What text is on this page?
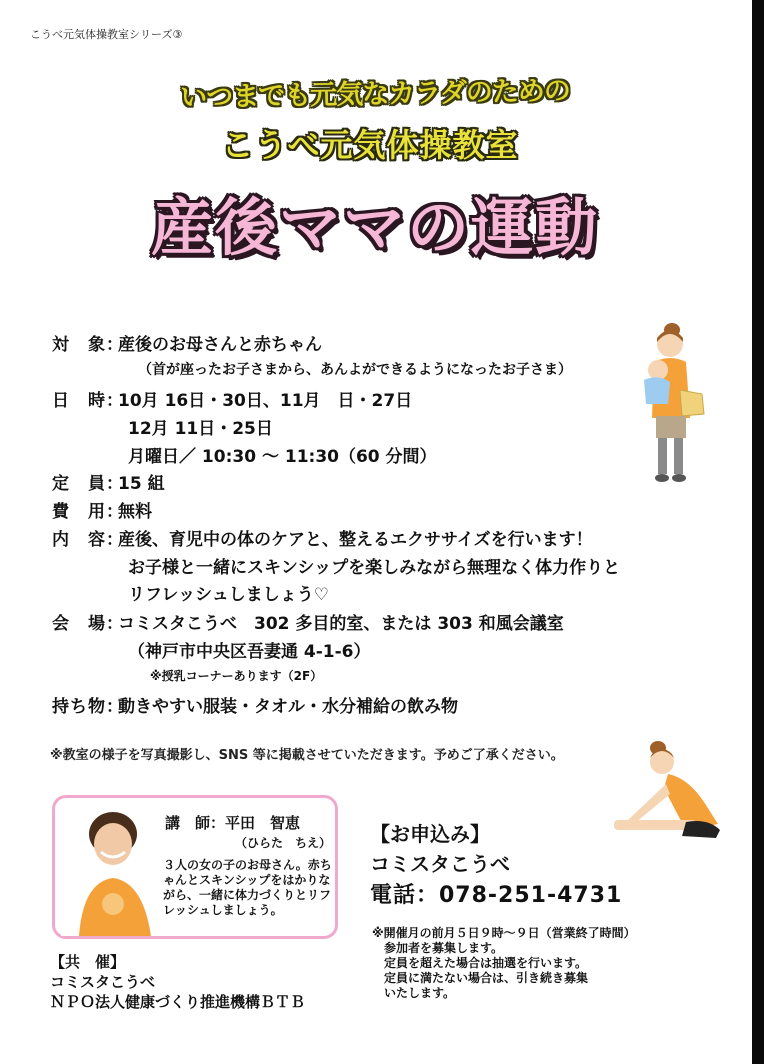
こうべ元気体操教室シリーズ③
いつまでも元気なカラダのための
こうべ元気体操教室
産後ママの運動
対　象：産後のお母さんと赤ちゃん
（首が座ったお子さまから、あんよができるようになったお子さま）
日　時：10月 16日・30日、11月　日・27日
12月 11日・25日
月曜日／ 10:30 〜 11:30（60 分間）
定　員：15 組
費　用：無料
内　容：産後、育児中の体のケアと、整えるエクササイズを行います！
お子様と一緒にスキンシップを楽しみながら無理なく体力作りと
リフレッシュしましょう♡
会　場：コミスタこうべ　302 多目的室、または 303 和風会議室
（神戸市中央区吾妻通 4-1-6）
※授乳コーナーあります（2F）
持ち物：動きやすい服装・タオル・水分補給の飲み物
※教室の様子を写真撮影し、SNS 等に掲載させていただきます。予めご了承ください。
講　師：平田　智恵
（ひらた　ちえ）
３人の女の子のお母さん。赤ちゃんとスキンシップをはかりながら、一緒に体力づくりとリフレッシュしましょう。
【お申込み】
コミスタこうべ
電話：078-251-4731
※開催月の前月５日９時〜９日（営業終了時間）
　参加者を募集します。
　定員を超えた場合は抽選を行います。
　定員に満たない場合は、引き続き募集
　いたします。
【共　催】
コミスタこうべ
ＮＰＯ法人健康づくり推進機構ＢＴＢ
